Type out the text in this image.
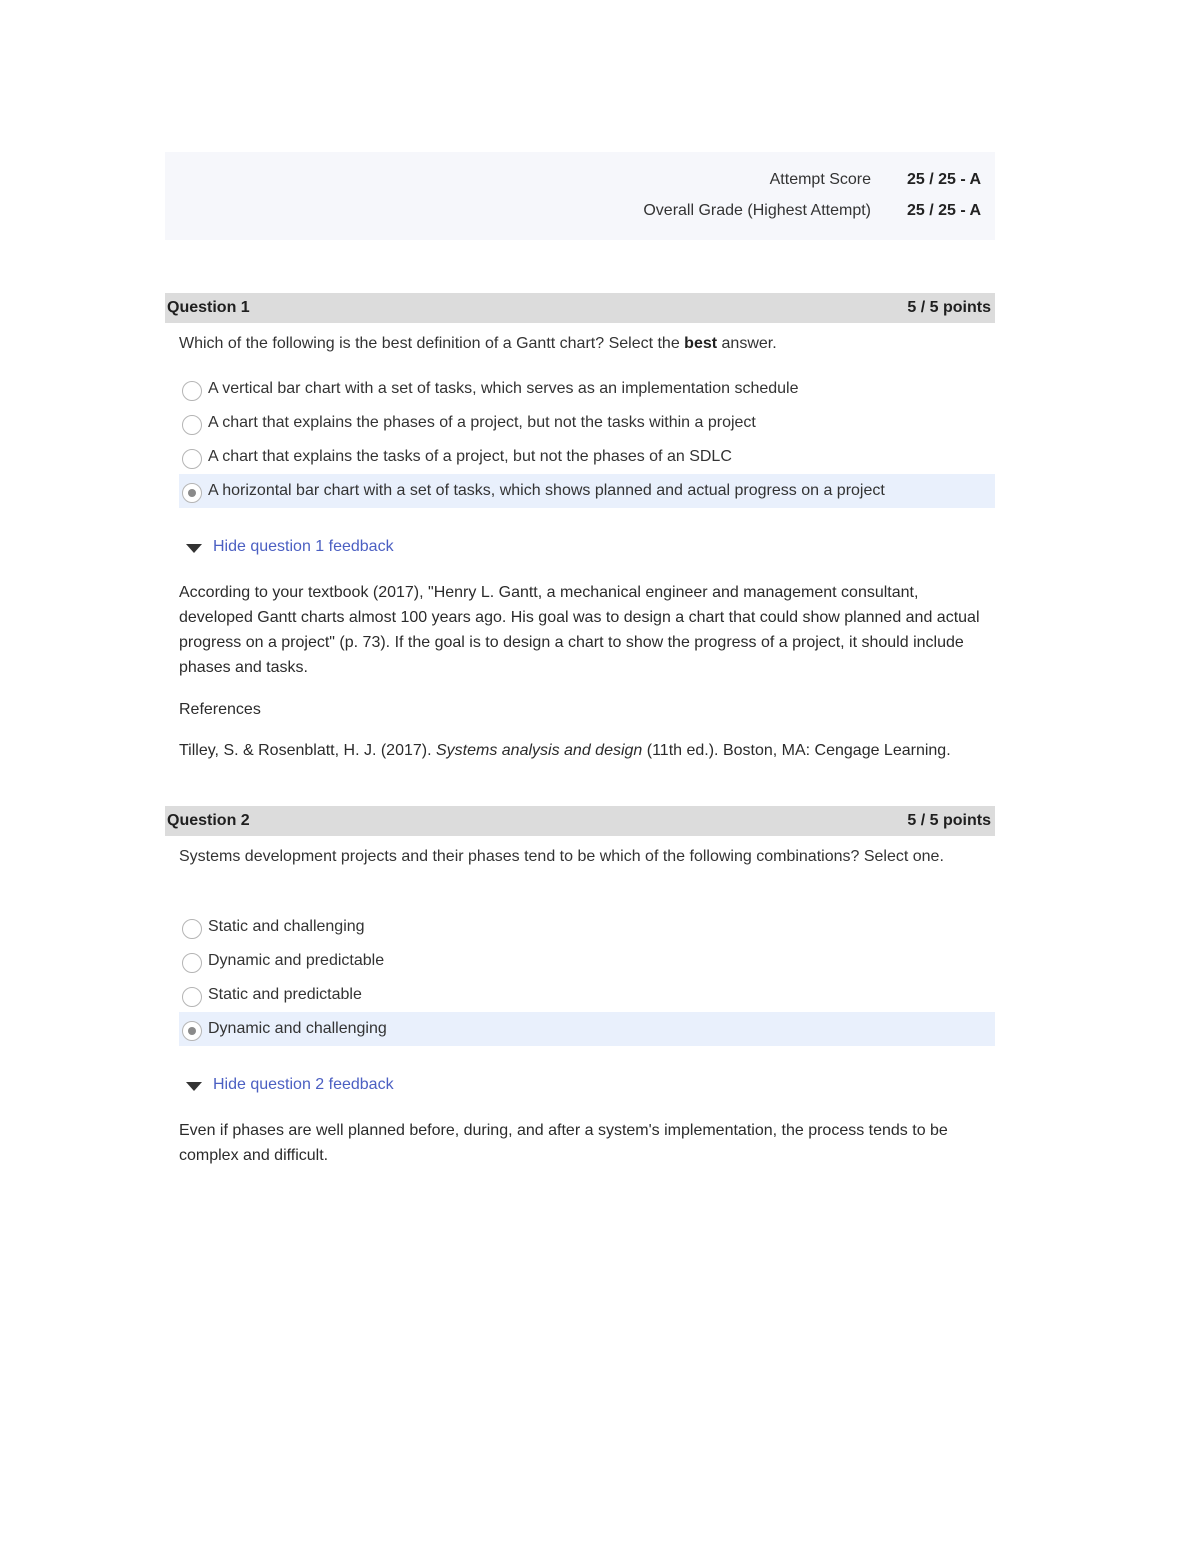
Attempt Score	25 / 25 - A
Overall Grade (Highest Attempt)	25 / 25 - A
Question 1	5 / 5 points
Which of the following is the best definition of a Gantt chart? Select the best answer.
A vertical bar chart with a set of tasks, which serves as an implementation schedule
A chart that explains the phases of a project, but not the tasks within a project
A chart that explains the tasks of a project, but not the phases of an SDLC
A horizontal bar chart with a set of tasks, which shows planned and actual progress on a project
Hide question 1 feedback
According to your textbook (2017), "Henry L. Gantt, a mechanical engineer and management consultant, developed Gantt charts almost 100 years ago. His goal was to design a chart that could show planned and actual progress on a project" (p. 73). If the goal is to design a chart to show the progress of a project, it should include phases and tasks.
References
Tilley, S. & Rosenblatt, H. J. (2017). Systems analysis and design (11th ed.). Boston, MA: Cengage Learning.
Question 2	5 / 5 points
Systems development projects and their phases tend to be which of the following combinations? Select one.
Static and challenging
Dynamic and predictable
Static and predictable
Dynamic and challenging
Hide question 2 feedback
Even if phases are well planned before, during, and after a system's implementation, the process tends to be complex and difficult.
